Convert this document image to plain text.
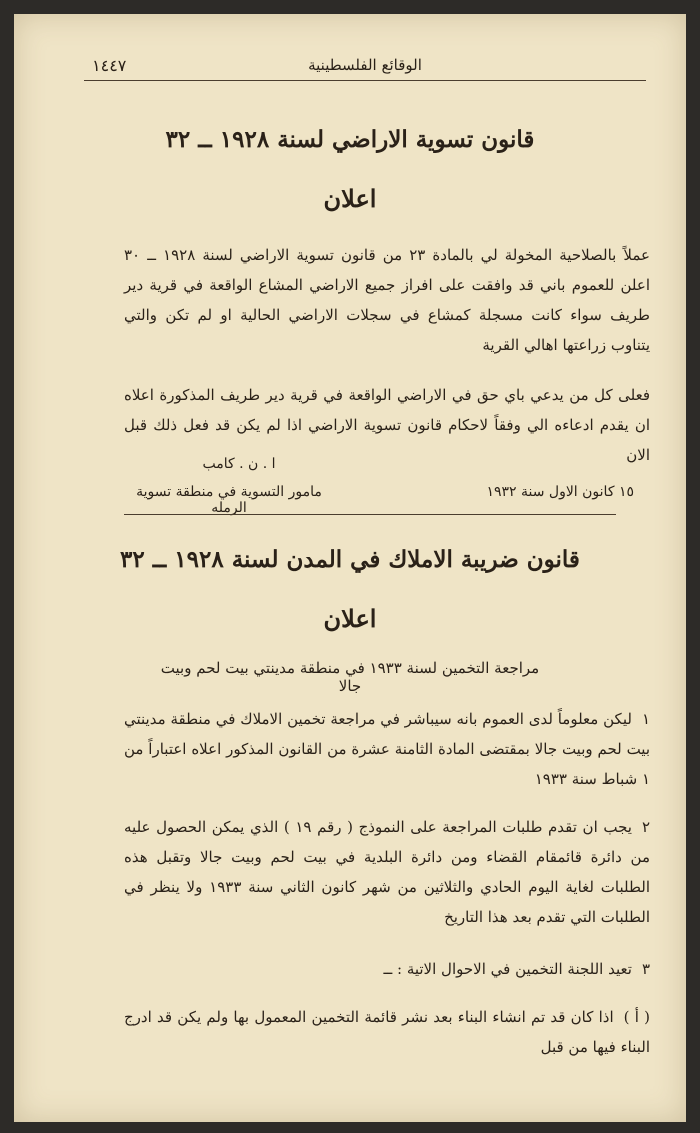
الوقائع الفلسطينية
١٤٤٧
قانون تسوية الاراضي لسنة ١٩٢٨ ــ ٣٢
اعلان
عملاً بالصلاحية المخولة لي بالمادة ٢٣ من قانون تسوية الاراضي لسنة ١٩٢٨ ــ ٣٠ اعلن للعموم باني قد وافقت على افراز جميع الاراضي المشاع الواقعة في قرية دير طريف سواء كانت مسجلة كمشاع في سجلات الاراضي الحالية او لم تكن والتي يتناوب زراعتها اهالي القرية
فعلى كل من يدعي باي حق في الاراضي الواقعة في قرية دير طريف المذكورة اعلاه ان يقدم ادعاءه الي وفقاً لاحكام قانون تسوية الاراضي اذا لم يكن قد فعل ذلك قبل الان
ا . ن . كامب
مامور التسوية في منطقة تسوية الرمله
١٥ كانون الاول سنة ١٩٣٢
قانون ضريبة الاملاك في المدن لسنة ١٩٢٨ ــ ٣٢
اعلان
مراجعة التخمين لسنة ١٩٣٣ في منطقة مدينتي بيت لحم وبيت جالا
١ليكن معلوماً لدى العموم بانه سيباشر في مراجعة تخمين الاملاك في منطقة مدينتي بيت لحم وبيت جالا بمقتضى المادة الثامنة عشرة من القانون المذكور اعلاه اعتباراً من ١ شباط سنة ١٩٣٣
٢يجب ان تقدم طلبات المراجعة على النموذج ( رقم ١٩ ) الذي يمكن الحصول عليه من دائرة قائمقام القضاء ومن دائرة البلدية في بيت لحم وبيت جالا وتقبل هذه الطلبات لغاية اليوم الحادي والثلاثين من شهر كانون الثاني سنة ١٩٣٣ ولا ينظر في الطلبات التي تقدم بعد هذا التاريخ
٣تعيد اللجنة التخمين في الاحوال الاتية : ــ
( أ )اذا كان قد تم انشاء البناء بعد نشر قائمة التخمين المعمول بها ولم يكن قد ادرج البناء فيها من قبل
